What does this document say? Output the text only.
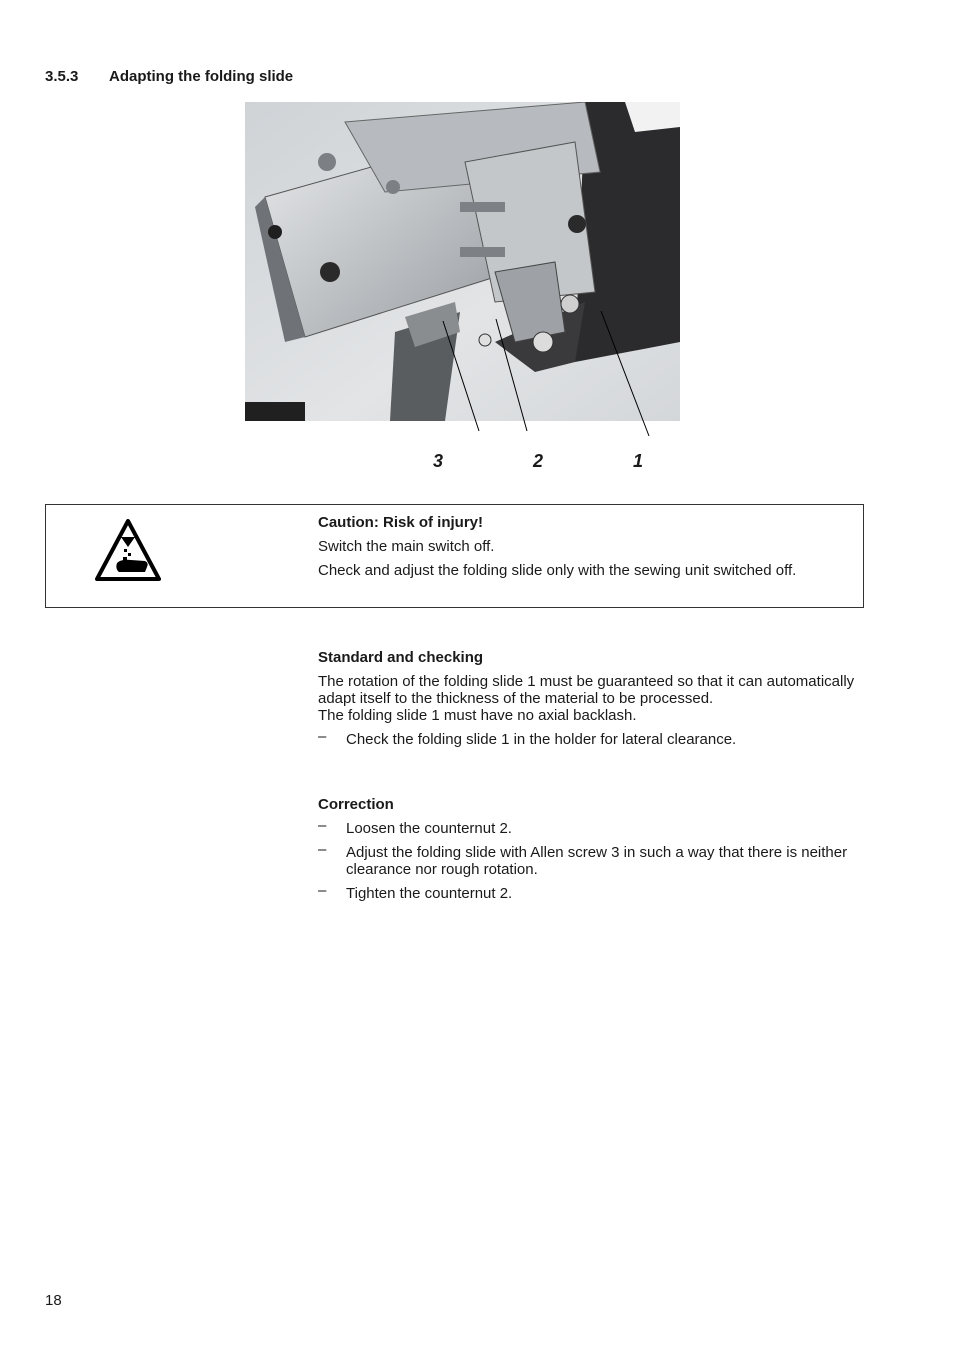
3.5.3 Adapting the folding slide
3	2	1

Caution: Risk of injury!

Switch the main switch off.

Check and adjust the folding slide only with the sewing unit switched off.

Standard and checking

The rotation of the folding slide 1 must be guaranteed so that it can automatically adapt itself to the thickness of the material to be processed.

The folding slide 1 must have no axial backlash.

– Check the folding slide 1 in the holder for lateral clearance.

Correction

– Loosen the counternut 2.
– Adjust the folding slide with Allen screw 3 in such a way that there is neither clearance nor rough rotation.
– Tighten the counternut 2.
18
